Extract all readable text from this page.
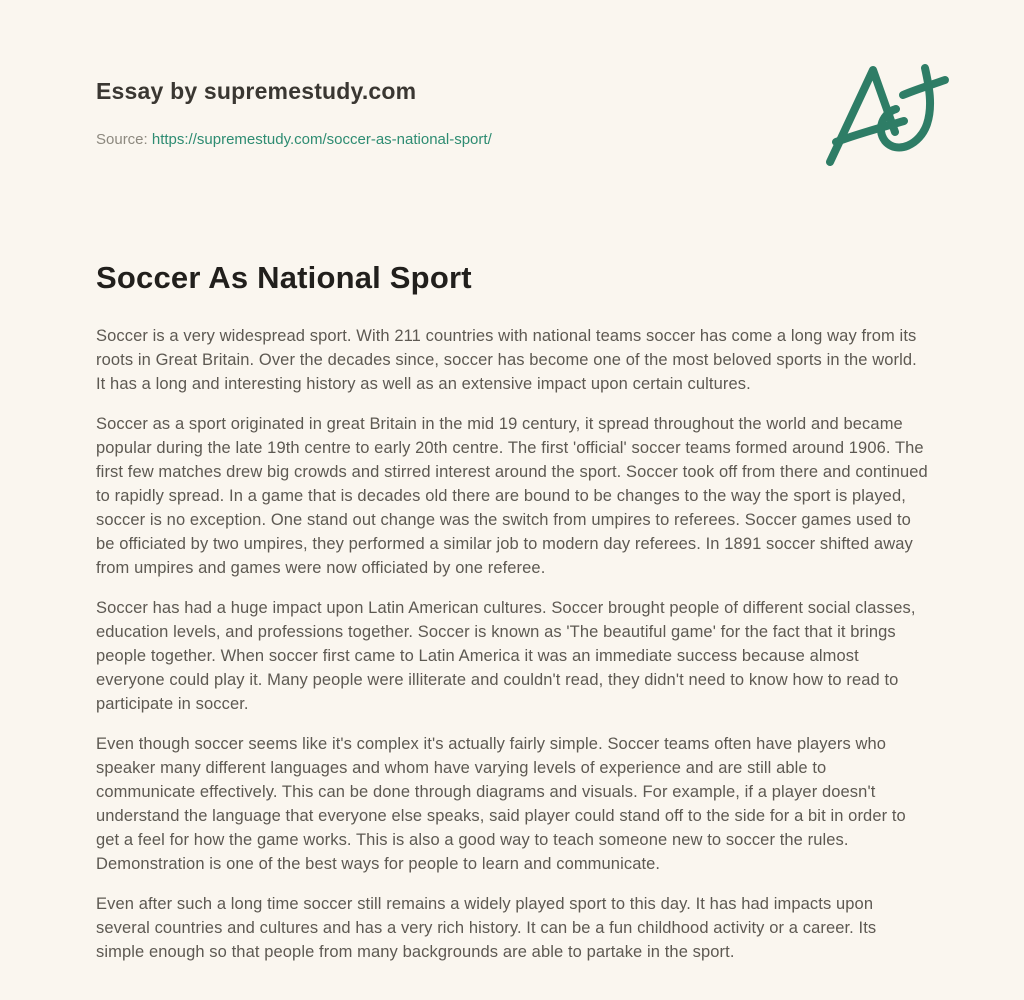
Essay by supremestudy.com
Source: https://supremestudy.com/soccer-as-national-sport/
Soccer As National Sport

Soccer is a very widespread sport. With 211 countries with national teams soccer has come a long way from its roots in Great Britain. Over the decades since, soccer has become one of the most beloved sports in the world. It has a long and interesting history as well as an extensive impact upon certain cultures.

Soccer as a sport originated in great Britain in the mid 19 century, it spread throughout the world and became popular during the late 19th centre to early 20th centre. The first 'official' soccer teams formed around 1906. The first few matches drew big crowds and stirred interest around the sport. Soccer took off from there and continued to rapidly spread. In a game that is decades old there are bound to be changes to the way the sport is played, soccer is no exception. One stand out change was the switch from umpires to referees. Soccer games used to be officiated by two umpires, they performed a similar job to modern day referees. In 1891 soccer shifted away from umpires and games were now officiated by one referee.

Soccer has had a huge impact upon Latin American cultures. Soccer brought people of different social classes, education levels, and professions together. Soccer is known as 'The beautiful game' for the fact that it brings people together. When soccer first came to Latin America it was an immediate success because almost everyone could play it. Many people were illiterate and couldn't read, they didn't need to know how to read to participate in soccer.

Even though soccer seems like it's complex it's actually fairly simple. Soccer teams often have players who speaker many different languages and whom have varying levels of experience and are still able to communicate effectively. This can be done through diagrams and visuals. For example, if a player doesn't understand the language that everyone else speaks, said player could stand off to the side for a bit in order to get a feel for how the game works. This is also a good way to teach someone new to soccer the rules. Demonstration is one of the best ways for people to learn and communicate.

Even after such a long time soccer still remains a widely played sport to this day. It has had impacts upon several countries and cultures and has a very rich history. It can be a fun childhood activity or a career. Its simple enough so that people from many backgrounds are able to partake in the sport.
